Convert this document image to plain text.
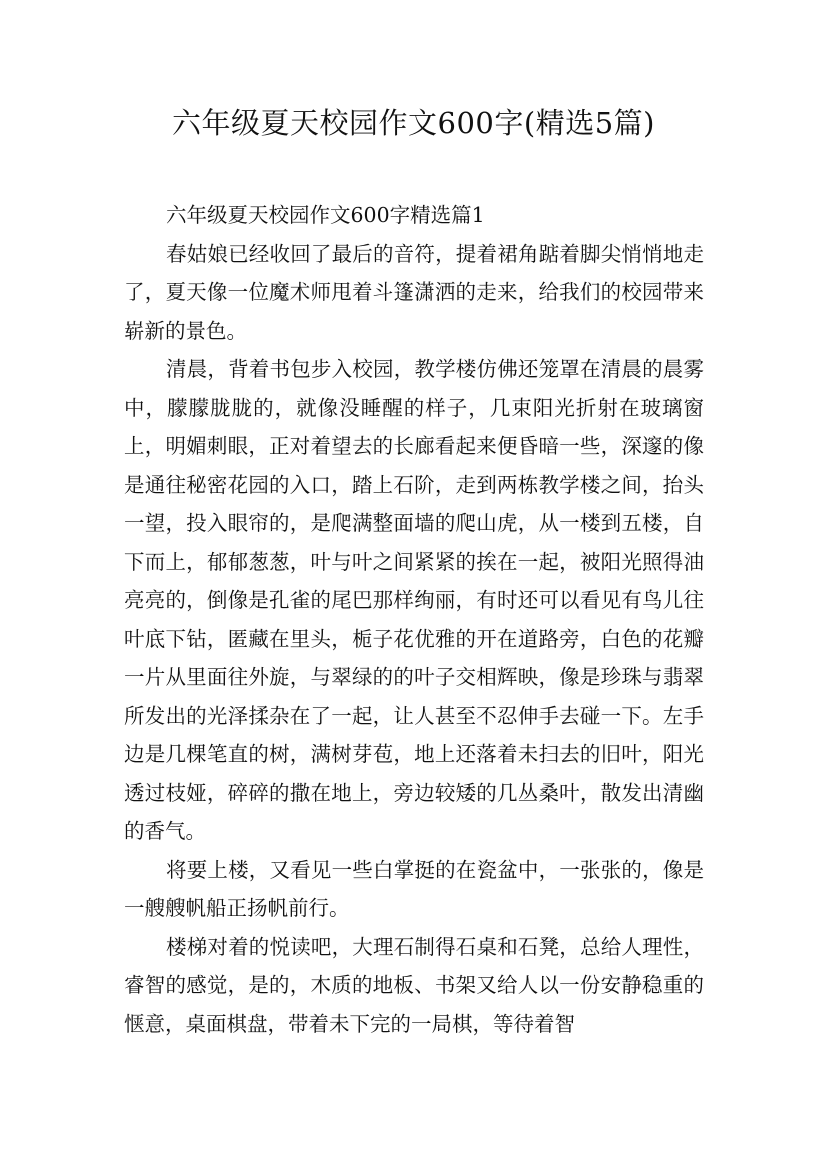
六年级夏天校园作文600字(精选5篇)
六年级夏天校园作文600字精选篇1

春姑娘已经收回了最后的音符，提着裙角踮着脚尖悄悄地走了，夏天像一位魔术师甩着斗篷潇洒的走来，给我们的校园带来崭新的景色。

清晨，背着书包步入校园，教学楼仿佛还笼罩在清晨的晨雾中，朦朦胧胧的，就像没睡醒的样子，几束阳光折射在玻璃窗上，明媚刺眼，正对着望去的长廊看起来便昏暗一些，深邃的像是通往秘密花园的入口，踏上石阶，走到两栋教学楼之间，抬头一望，投入眼帘的，是爬满整面墙的爬山虎，从一楼到五楼，自下而上，郁郁葱葱，叶与叶之间紧紧的挨在一起，被阳光照得油亮亮的，倒像是孔雀的尾巴那样绚丽，有时还可以看见有鸟儿往叶底下钻，匿藏在里头，栀子花优雅的开在道路旁，白色的花瓣一片从里面往外旋，与翠绿的的叶子交相辉映，像是珍珠与翡翠所发出的光泽揉杂在了一起，让人甚至不忍伸手去碰一下。左手边是几棵笔直的树，满树芽苞，地上还落着未扫去的旧叶，阳光透过枝娅，碎碎的撒在地上，旁边较矮的几丛桑叶，散发出清幽的香气。

将要上楼，又看见一些白掌挺的在瓷盆中，一张张的，像是一艘艘帆船正扬帆前行。

楼梯对着的悦读吧，大理石制得石桌和石凳，总给人理性，睿智的感觉，是的，木质的地板、书架又给人以一份安静稳重的惬意，桌面棋盘，带着未下完的一局棋，等待着智
